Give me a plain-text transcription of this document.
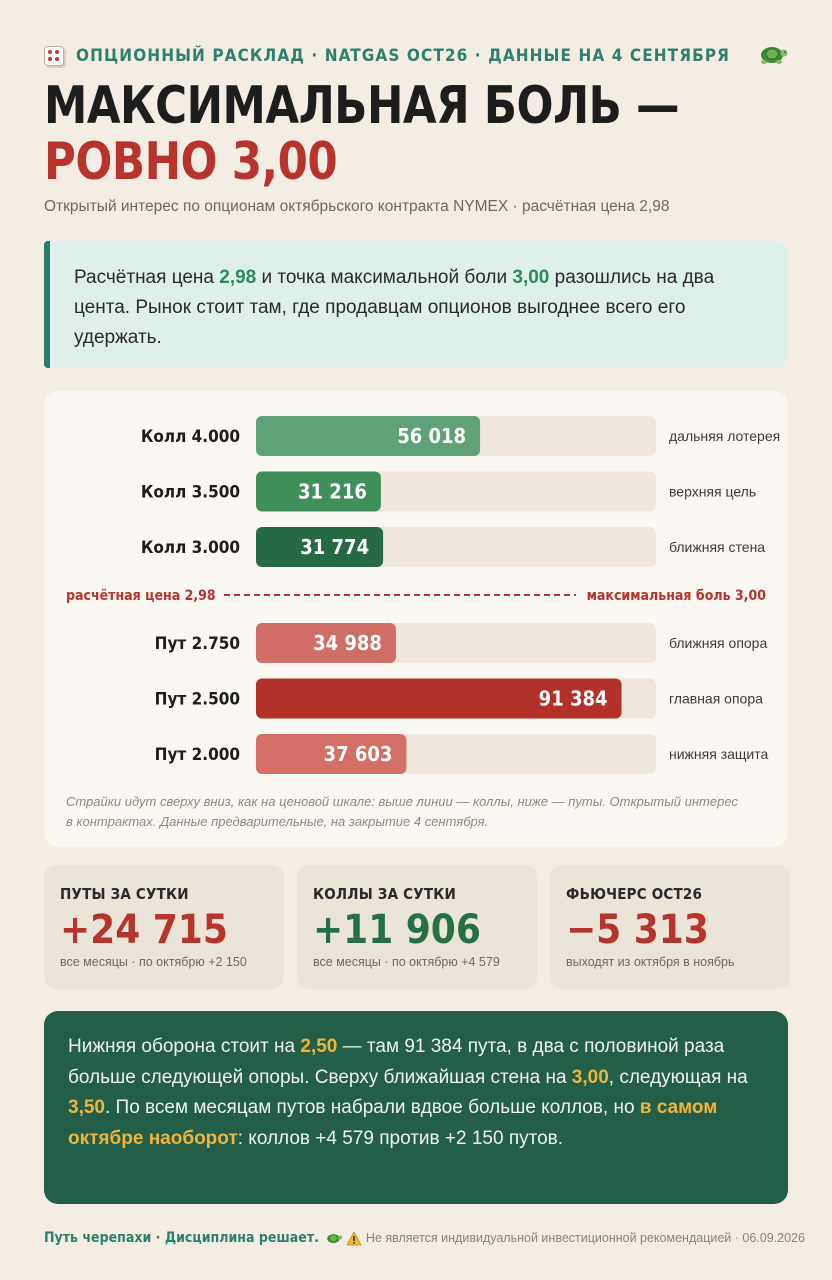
ОПЦИОННЫЙ РАСКЛАД · NATGAS OCT26 · ДАННЫЕ НА 4 СЕНТЯБРЯ
МАКСИМАЛЬНАЯ БОЛЬ —
РОВНО 3,00
Открытый интерес по опционам октябрьского контракта NYMEX · расчётная цена 2,98
Расчётная цена 2,98 и точка максимальной боли 3,00 разошлись на два цента. Рынок стоит там, где продавцам опционов выгоднее всего его удержать.
Колл 4.000	56 018	дальняя лотерея
Колл 3.500	31 216	верхняя цель
Колл 3.000	31 774	ближняя стена
Пут 2.750	34 988	ближняя опора
Пут 2.500	91 384	главная опора
Пут 2.000	37 603	нижняя защита
расчётная цена 2,98	максимальная боль 3,00
Страйки идут сверху вниз, как на ценовой шкале: выше линии — коллы, ниже — путы. Открытый интерес в контрактах. Данные предварительные, на закрытие 4 сентября.
ПУТЫ ЗА СУТКИ
+24 715
все месяцы · по октябрю +2 150
КОЛЛЫ ЗА СУТКИ
+11 906
все месяцы · по октябрю +4 579
ФЬЮЧЕРС OCT26
−5 313
выходят из октября в ноябрь
Нижняя оборона стоит на 2,50 — там 91 384 пута, в два с половиной раза больше следующей опоры. Сверху ближайшая стена на 3,00, следующая на 3,50. По всем месяцам путов набрали вдвое больше коллов, но в самом октябре наоборот: коллов +4 579 против +2 150 путов.
Путь черепахи · Дисциплина решает.	Не является индивидуальной инвестиционной рекомендацией · 06.09.2026
